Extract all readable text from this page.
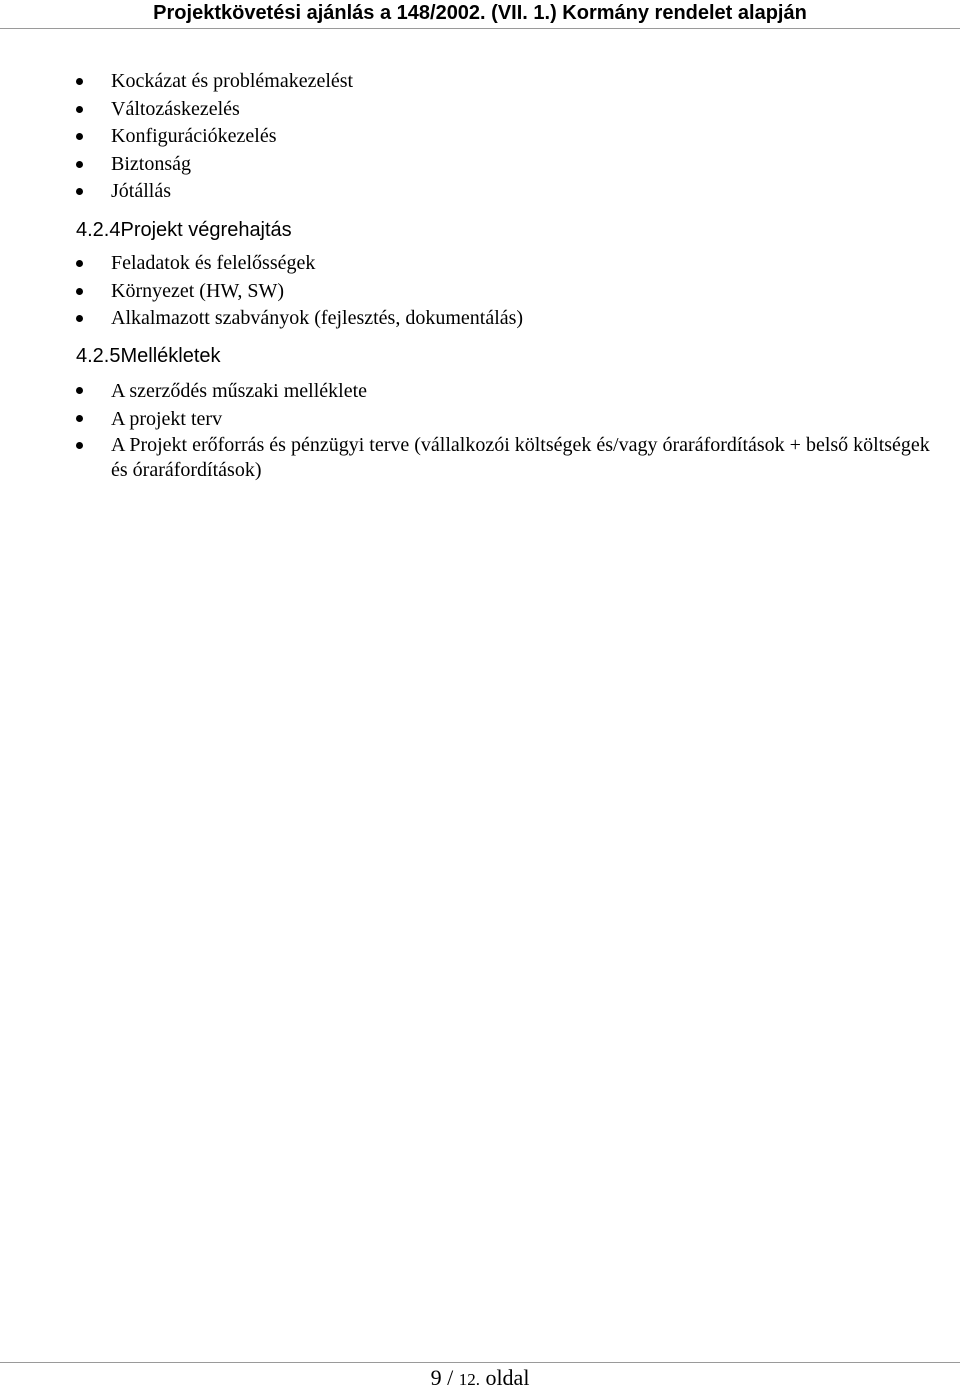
Projektkövetési ajánlás a 148/2002. (VII. 1.) Kormány rendelet alapján
Kockázat és problémakezelést
Változáskezelés
Konfigurációkezelés
Biztonság
Jótállás
4.2.4Projekt végrehajtás
Feladatok és felelősségek
Környezet (HW, SW)
Alkalmazott szabványok (fejlesztés, dokumentálás)
4.2.5Mellékletek
A szerződés műszaki melléklete
A projekt terv
A Projekt erőforrás és pénzügyi terve (vállalkozói költségek és/vagy óraráfordítások + belső költségek és óraráfordítások)
9 / 12. oldal
